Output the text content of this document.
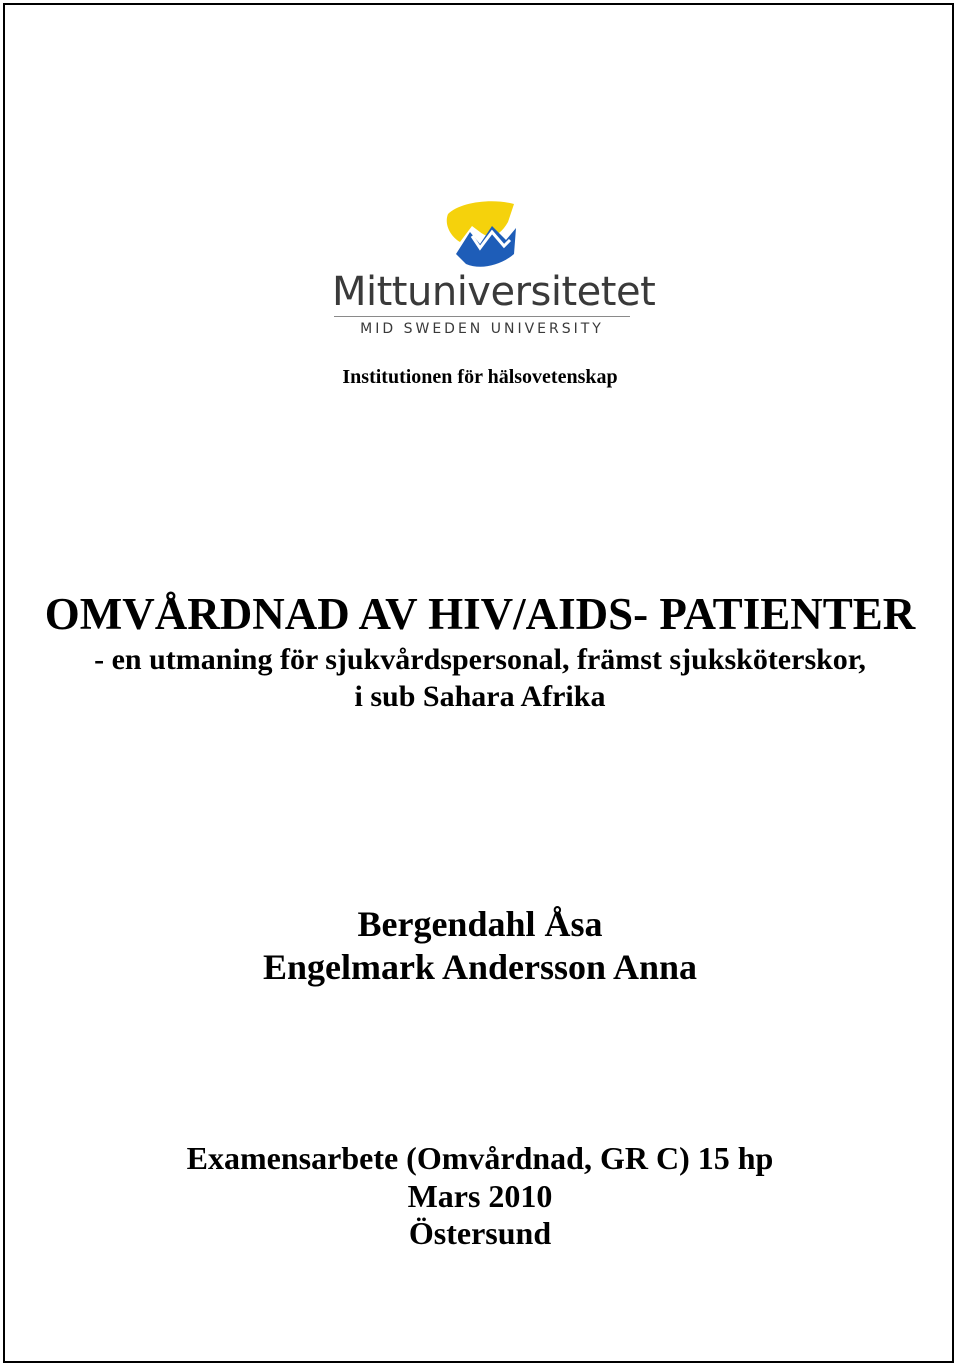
Mittuniversitetet
MID SWEDEN UNIVERSITY
Institutionen för hälsovetenskap
OMVÅRDNAD AV HIV/AIDS- PATIENTER
- en utmaning för sjukvårdspersonal, främst sjuksköterskor,
i sub Sahara Afrika
Bergendahl Åsa
Engelmark Andersson Anna
Examensarbete (Omvårdnad, GR C) 15 hp
Mars 2010
Östersund
